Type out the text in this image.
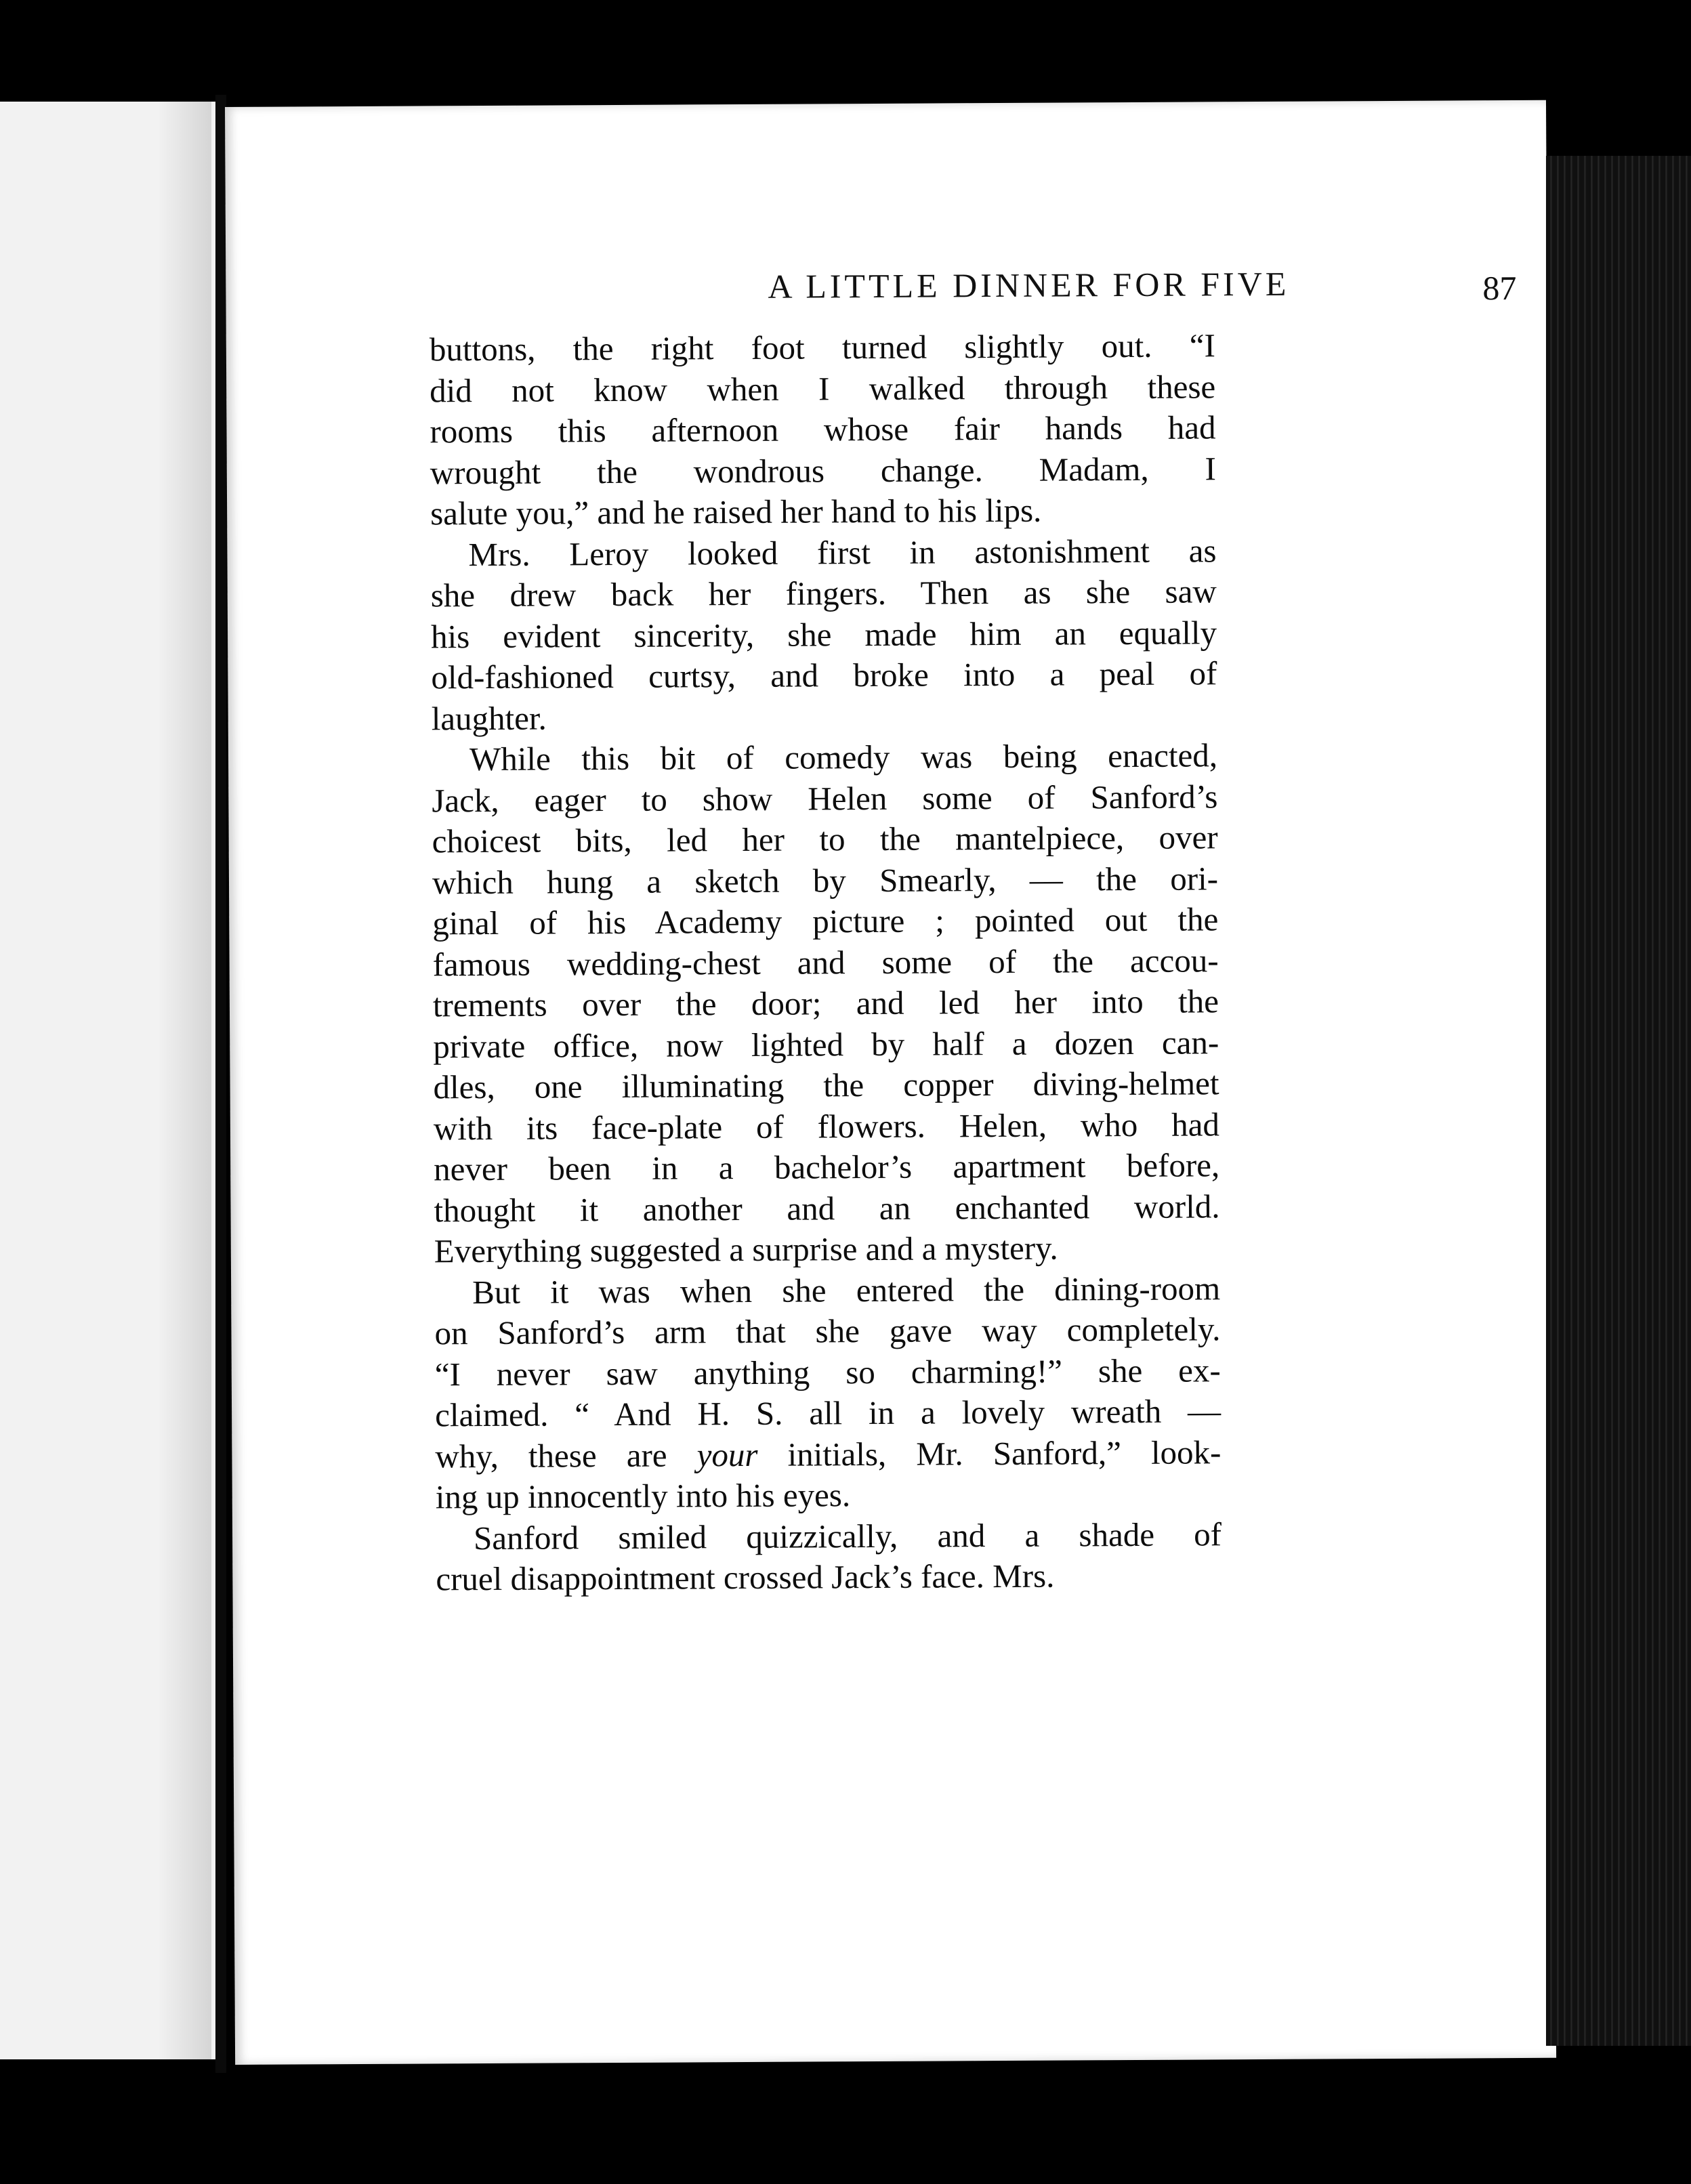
A LITTLE DINNER FOR FIVE	87
buttons, the right foot turned slightly out. “I
did not know when I walked through these
rooms this afternoon whose fair hands had
wrought the wondrous change. Madam, I
salute you,” and he raised her hand to his lips.
Mrs. Leroy looked first in astonishment as
she drew back her fingers. Then as she saw
his evident sincerity, she made him an equally
old-fashioned curtsy, and broke into a peal of
laughter.
While this bit of comedy was being enacted,
Jack, eager to show Helen some of Sanford’s
choicest bits, led her to the mantelpiece, over
which hung a sketch by Smearly, — the ori-
ginal of his Academy picture ; pointed out the
famous wedding-chest and some of the accou-
trements over the door; and led her into the
private office, now lighted by half a dozen can-
dles, one illuminating the copper diving-helmet
with its face-plate of flowers. Helen, who had
never been in a bachelor’s apartment before,
thought it another and an enchanted world.
Everything suggested a surprise and a mystery.
But it was when she entered the dining-room
on Sanford’s arm that she gave way completely.
“I never saw anything so charming!” she ex-
claimed. “ And H. S. all in a lovely wreath —
why, these are your initials, Mr. Sanford,” look-
ing up innocently into his eyes.
Sanford smiled quizzically, and a shade of
cruel disappointment crossed Jack’s face. Mrs.
